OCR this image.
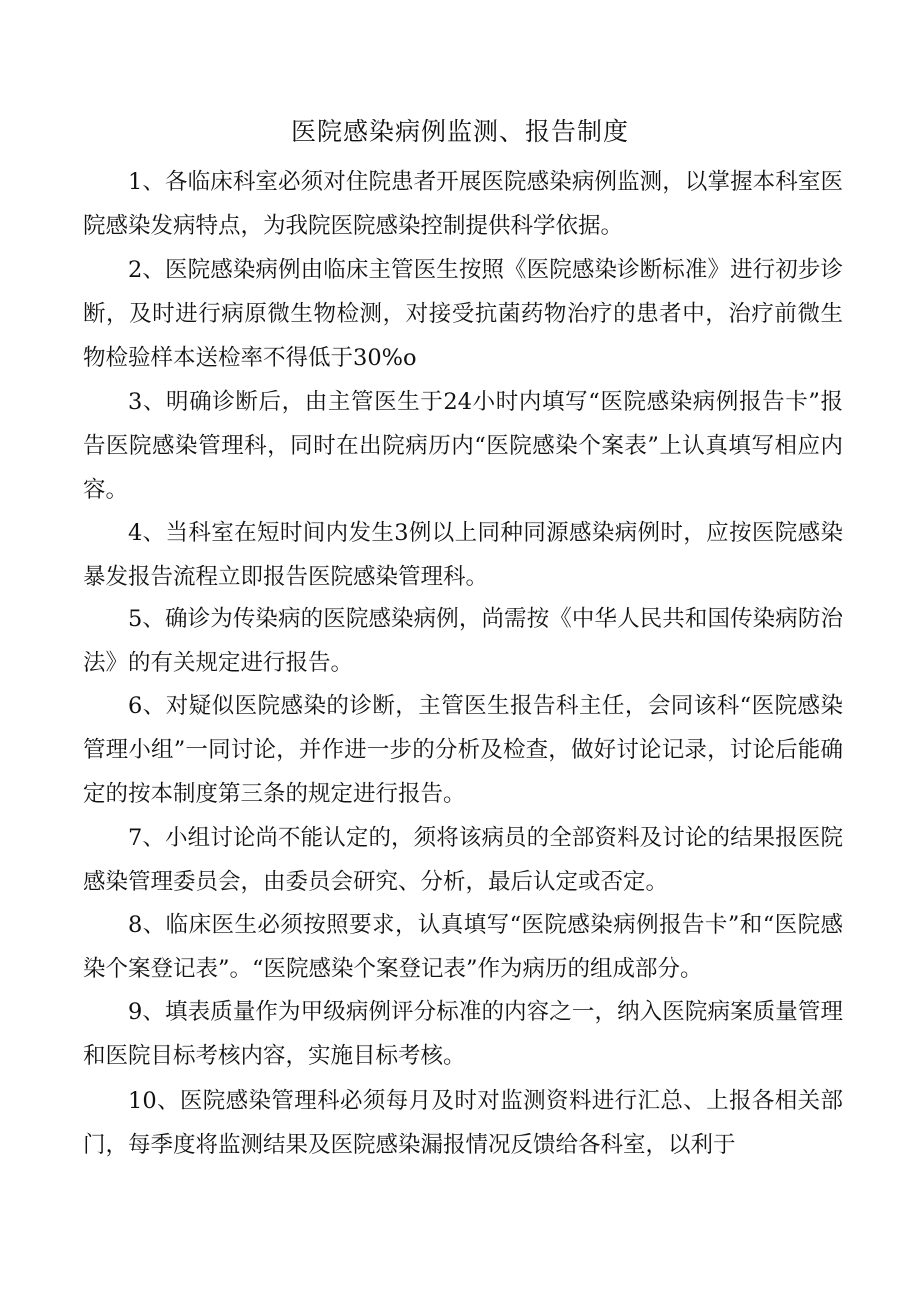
医院感染病例监测、报告制度

1、各临床科室必须对住院患者开展医院感染病例监测，以掌握本科室医院感染发病特点，为我院医院感染控制提供科学依据。

2、医院感染病例由临床主管医生按照《医院感染诊断标准》进行初步诊断，及时进行病原微生物检测，对接受抗菌药物治疗的患者中，治疗前微生物检验样本送检率不得低于30%o

3、明确诊断后，由主管医生于24小时内填写“医院感染病例报告卡”报告医院感染管理科，同时在出院病历内“医院感染个案表”上认真填写相应内容。

4、当科室在短时间内发生3例以上同种同源感染病例时，应按医院感染暴发报告流程立即报告医院感染管理科。

5、确诊为传染病的医院感染病例，尚需按《中华人民共和国传染病防治法》的有关规定进行报告。

6、对疑似医院感染的诊断，主管医生报告科主任，会同该科“医院感染管理小组”一同讨论，并作进一步的分析及检查，做好讨论记录，讨论后能确定的按本制度第三条的规定进行报告。

7、小组讨论尚不能认定的，须将该病员的全部资料及讨论的结果报医院感染管理委员会，由委员会研究、分析，最后认定或否定。

8、临床医生必须按照要求，认真填写“医院感染病例报告卡”和“医院感染个案登记表”。“医院感染个案登记表”作为病历的组成部分。

9、填表质量作为甲级病例评分标准的内容之一，纳入医院病案质量管理和医院目标考核内容，实施目标考核。

10、医院感染管理科必须每月及时对监测资料进行汇总、上报各相关部门，每季度将监测结果及医院感染漏报情况反馈给各科室，以利于
